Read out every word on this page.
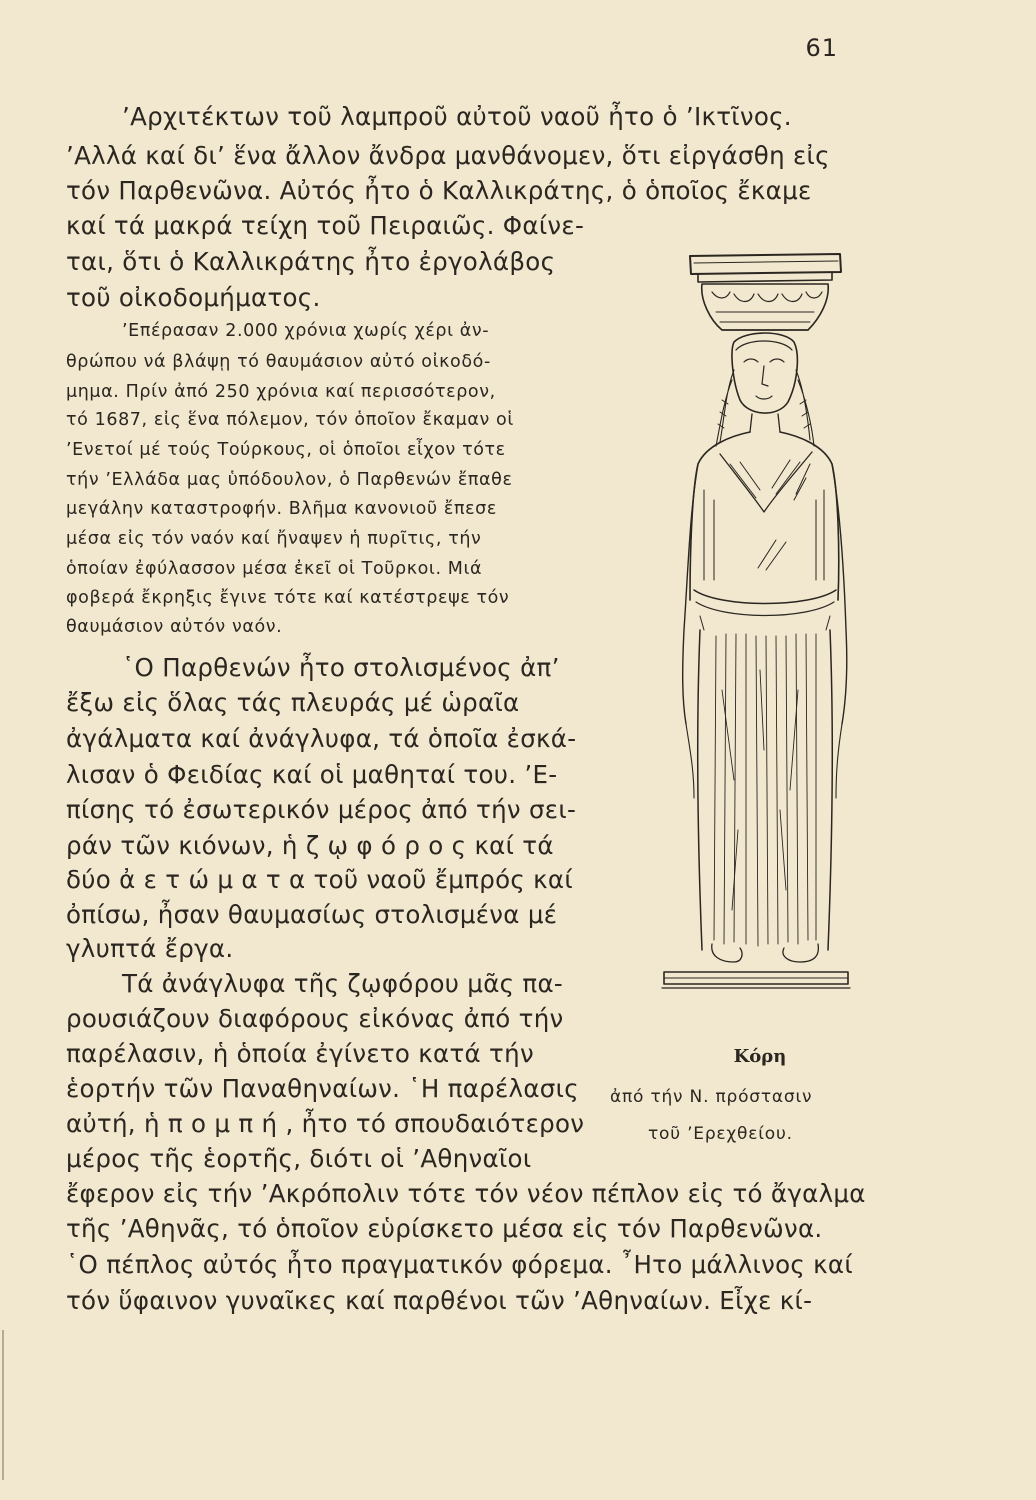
61
’Αρχιτέκτων τοῦ λαμπροῦ αὐτοῦ ναοῦ ἦτο ὁ ’Ικτῖνος.
’Αλλά καί δι’ ἕνα ἄλλον ἄνδρα μανθάνομεν, ὅτι εἰργάσθη εἰς
τόν Παρθενῶνα. Αὐτός ἦτο ὁ Καλλικράτης, ὁ ὁποῖος ἔκαμε
καί τά μακρά τείχη τοῦ Πειραιῶς. Φαίνε-
ται, ὅτι ὁ Καλλικράτης ἦτο ἐργολάβος
τοῦ οἰκοδομήματος.
’Επέρασαν 2.000 χρόνια χωρίς χέρι ἀν-
θρώπου νά βλάψῃ τό θαυμάσιον αὐτό οἰκοδό-
μημα. Πρίν ἀπό 250 χρόνια καί περισσότερον,
τό 1687, εἰς ἕνα πόλεμον, τόν ὁποῖον ἔκαμαν οἱ
’Ενετοί μέ τούς Τούρκους, οἱ ὁποῖοι εἶχον τότε
τήν ’Ελλάδα μας ὑπόδουλον, ὁ Παρθενών ἔπαθε
μεγάλην καταστροφήν. Βλῆμα κανονιοῦ ἔπεσε
μέσα εἰς τόν ναόν καί ἤναψεν ἡ πυρῖτις, τήν
ὁποίαν ἐφύλασσον μέσα ἐκεῖ οἱ Τοῦρκοι. Μιά
φοβερά ἔκρηξις ἔγινε τότε καί κατέστρεψε τόν
θαυμάσιον αὐτόν ναόν.
῾Ο Παρθενών ἦτο στολισμένος ἀπ’
ἔξω εἰς ὅλας τάς πλευράς μέ ὡραῖα
ἀγάλματα καί ἀνάγλυφα, τά ὁποῖα ἐσκά-
λισαν ὁ Φειδίας καί οἱ μαθηταί του. ’Ε-
πίσης τό ἐσωτερικόν μέρος ἀπό τήν σει-
ράν τῶν κιόνων, ἡ ζ ῳ φ ό ρ ο ς καί τά
δύο ἀ ε τ ώ μ α τ α τοῦ ναοῦ ἔμπρός καί
ὀπίσω, ἦσαν θαυμασίως στολισμένα μέ
γλυπτά ἔργα.
Τά ἀνάγλυφα τῆς ζῳφόρου μᾶς πα-
ρουσιάζουν διαφόρους εἰκόνας ἀπό τήν
παρέλασιν, ἡ ὁποία ἐγίνετο κατά τήν
ἑορτήν τῶν Παναθηναίων. ῾Η παρέλασις
αὐτή, ἡ π ο μ π ή , ἦτο τό σπουδαιότερον
μέρος τῆς ἑορτῆς, διότι οἱ ’Αθηναῖοι
ἔφερον εἰς τήν ’Ακρόπολιν τότε τόν νέον πέπλον εἰς τό ἄγαλμα
τῆς ’Αθηνᾶς, τό ὁποῖον εὑρίσκετο μέσα εἰς τόν Παρθενῶνα.
῾Ο πέπλος αὐτός ἦτο πραγματικόν φόρεμα. ῏Ητο μάλλινος καί
τόν ὕφαινον γυναῖκες καί παρθένοι τῶν ’Αθηναίων. Εἶχε κί-
Κόρη
ἀπό τήν Ν. πρόστασιν
τοῦ ’Ερεχθείου.
